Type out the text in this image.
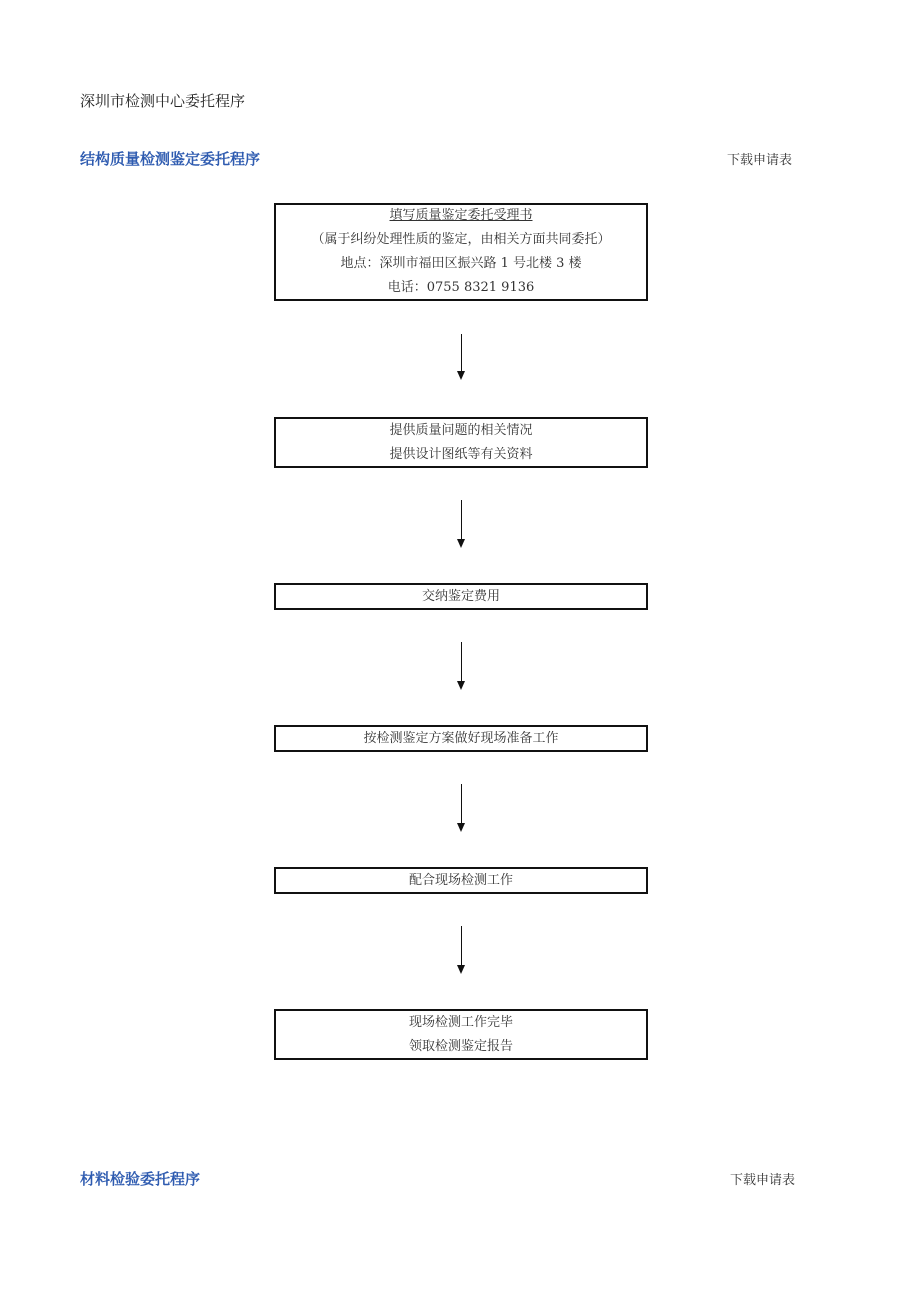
深圳市检测中心委托程序
结构质量检测鉴定委托程序	下载申请表
填写质量鉴定委托受理书
（属于纠纷处理性质的鉴定，由相关方面共同委托）
地点：深圳市福田区振兴路 1 号北楼 3 楼
电话：0755 8321 9136
提供质量问题的相关情况
提供设计图纸等有关资料
交纳鉴定费用
按检测鉴定方案做好现场准备工作
配合现场检测工作
现场检测工作完毕
领取检测鉴定报告
材料检验委托程序	下载申请表
